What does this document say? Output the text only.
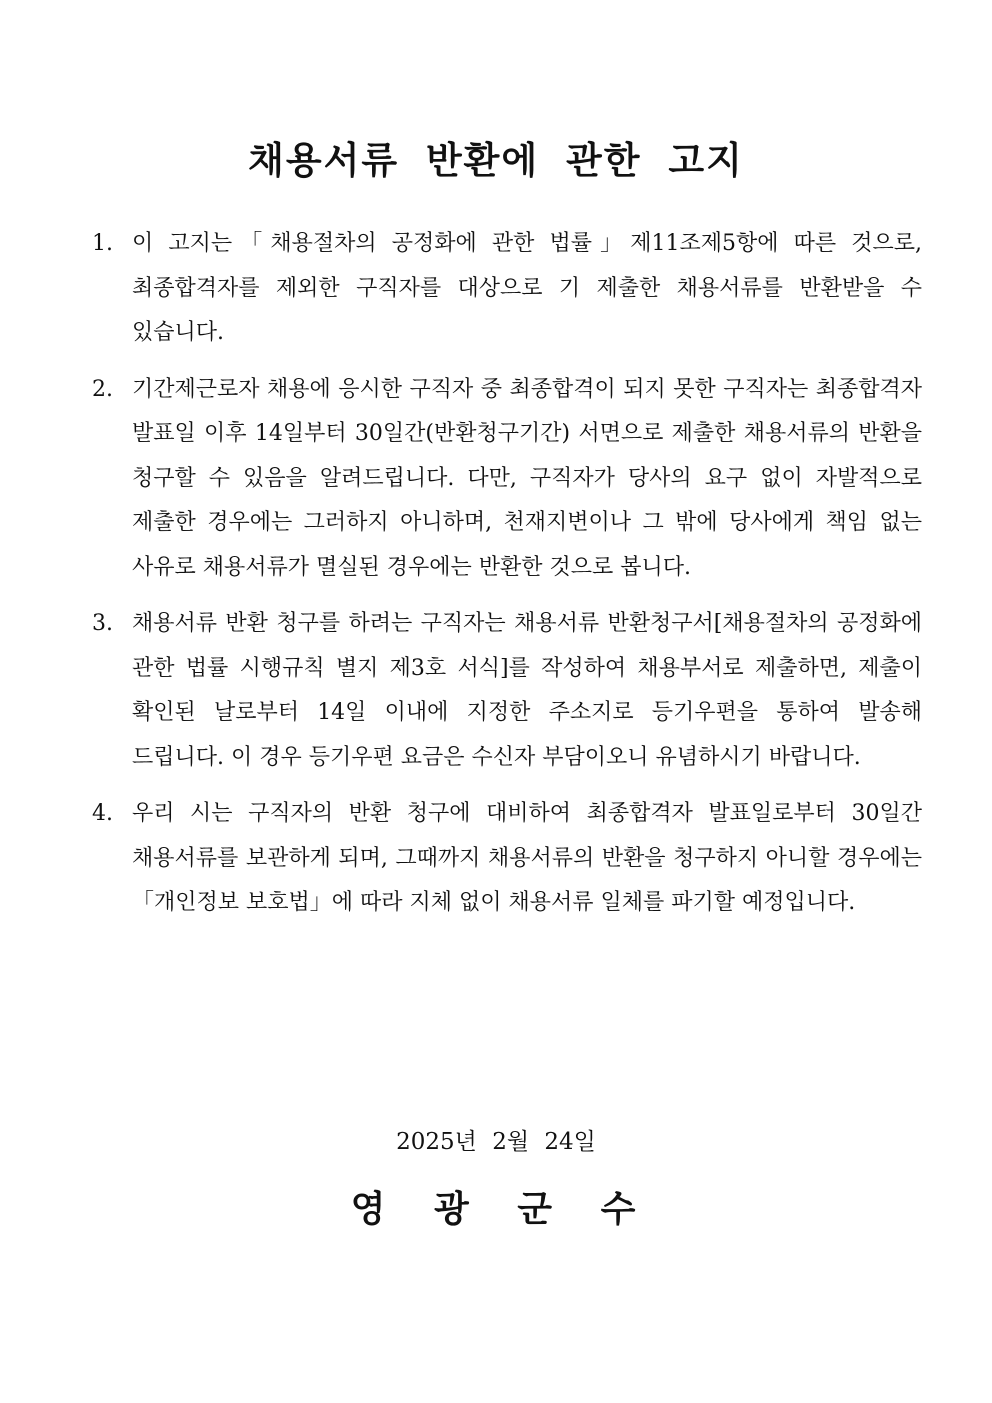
채용서류 반환에 관한 고지
1. 이 고지는「채용절차의 공정화에 관한 법률」제11조제5항에 따른 것으로, 최종합격자를 제외한 구직자를 대상으로 기 제출한 채용서류를 반환받을 수 있습니다.
2. 기간제근로자 채용에 응시한 구직자 중 최종합격이 되지 못한 구직자는 최종합격자 발표일 이후 14일부터 30일간(반환청구기간) 서면으로 제출한 채용서류의 반환을 청구할 수 있음을 알려드립니다. 다만, 구직자가 당사의 요구 없이 자발적으로 제출한 경우에는 그러하지 아니하며, 천재지변이나 그 밖에 당사에게 책임 없는 사유로 채용서류가 멸실된 경우에는 반환한 것으로 봅니다.
3. 채용서류 반환 청구를 하려는 구직자는 채용서류 반환청구서[채용절차의 공정화에 관한 법률 시행규칙 별지 제3호 서식]를 작성하여 채용부서로 제출하면, 제출이 확인된 날로부터 14일 이내에 지정한 주소지로 등기우편을 통하여 발송해 드립니다. 이 경우 등기우편 요금은 수신자 부담이오니 유념하시기 바랍니다.
4. 우리 시는 구직자의 반환 청구에 대비하여 최종합격자 발표일로부터 30일간 채용서류를 보관하게 되며, 그때까지 채용서류의 반환을 청구하지 아니할 경우에는 「개인정보 보호법」에 따라 지체 없이 채용서류 일체를 파기할 예정입니다.
2025년 2월 24일
영 광 군 수
